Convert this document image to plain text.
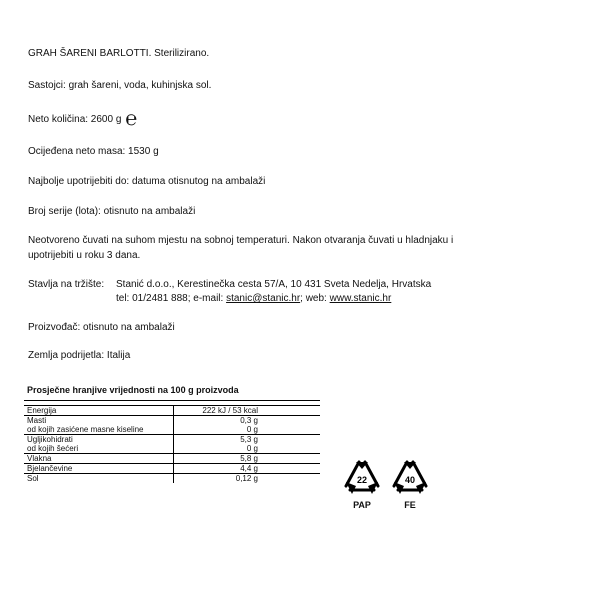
GRAH ŠARENI BARLOTTI. Sterilizirano.
Sastojci: grah šareni, voda, kuhinjska sol.
Neto količina: 2600 g ℮
Ocijeđena neto masa: 1530 g
Najbolje upotrijebiti do: datuma otisnutog na ambalaži
Broj serije (lota): otisnuto na ambalaži
Neotvoreno čuvati na suhom mjestu na sobnoj temperaturi. Nakon otvaranja čuvati u hladnjaku i
upotrijebiti u roku 3 dana.
Stavlja na tržište: Stanić d.o.o., Kerestinečka cesta 57/A, 10 431 Sveta Nedelja, Hrvatska
tel: 01/2481 888; e-mail: stanic@stanic.hr; web: www.stanic.hr
Proizvođač: otisnuto na ambalaži
Zemlja podrijetla: Italija
Prosječne hranjive vrijednosti na 100 g proizvoda	

Energija	222 kJ / 53 kcal
Masti	0,3 g
od kojih zasićene masne kiseline	0 g
Ugljikohidrati	5,3 g
od kojih šećeri	0 g
Vlakna	5,8 g
Bjelančevine	4,4 g
Sol	0,12 g	22
PAP
40
FE
